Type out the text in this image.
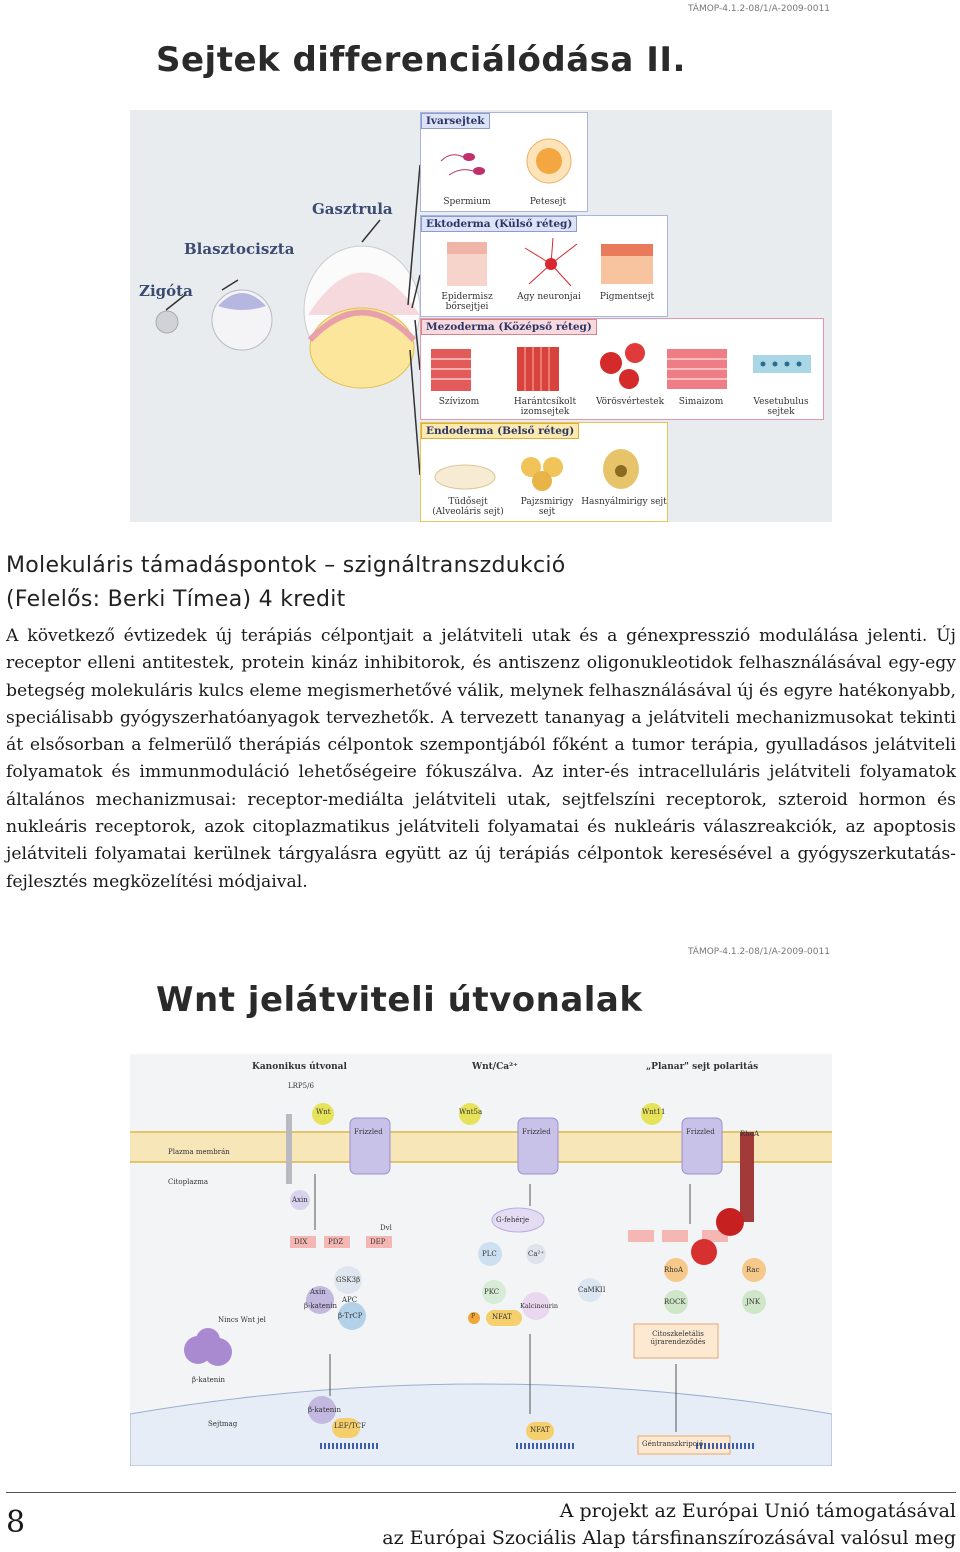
TÁMOP-4.1.2-08/1/A-2009-0011
Sejtek differenciálódása II.
Zigóta
Blasztociszta
Gasztrula
Ivarsejtek
Spermium	Petesejt
Ektoderma (Külső réteg)
Epidermisz bőrsejtjei
Agy neuronjai	Pigmentsejt
Mezoderma (Középső réteg)
Szívizom	Harántcsíkolt izomsejtek
Vörösvértestek	Simaizom	Vesetubulus sejtek
Endoderma (Belső réteg)
Tüdősejt (Alveoláris sejt)
Pajzsmirigy sejt
Hasnyálmirigy sejt
Molekuláris támadáspontok – szignáltranszdukció
(Felelős: Berki Tímea) 4 kredit
A következő évtizedek új terápiás célpontjait a jelátviteli utak és a génexpresszió modulálása jelenti. Új receptor elleni antitestek, protein kináz inhibitorok, és antiszenz oligonukleotidok felhasználásával egy-egy betegség molekuláris kulcs eleme megismerhetővé válik, melynek felhasználásával új és egyre hatékonyabb, speciálisabb gyógyszerhatóanyagok tervezhetők. A tervezett tananyag a jelátviteli mechanizmusokat tekinti át elsősorban a felmerülő therápiás célpontok szempontjából főként a tumor terápia, gyulladásos jelátviteli folyamatok és immunmoduláció lehetőségeire fókuszálva. Az inter-és intracelluláris jelátviteli folyamatok általános mechanizmusai: receptor-mediálta jelátviteli utak, sejtfelszíni receptorok, szteroid hormon és nukleáris receptorok, azok citoplazmatikus jelátviteli folyamatai és nukleáris válaszreakciók, az apoptosis jelátviteli folyamatai kerülnek tárgyalásra együtt az új terápiás célpontok keresésével a gyógyszerkutatás-fejlesztés megközelítési módjaival.
TÁMOP-4.1.2-08/1/A-2009-0011
Wnt jelátviteli útvonalak
Kanonikus útvonal	Wnt/Ca²⁺	„Planar" sejt polaritás
LRP5/6
Plazma membrán
Citoplazma
Sejtmag
Wnt	Wnt5a	Wnt11
Frizzled	Frizzled	Frizzled	RhoA
Axin
Dvl
DIX	PDZ	DEP
GSK3β
APC
Axin
β-katenin
β-TrCP
Nincs Wnt jel
β-katenin
β-katenin
LEF/TCF
G-fehérje
PLC	Ca²⁺
PKC
Kalcineurin
CaMKII
P NFAT
NFAT
RhoA	Rac
ROCK	JNK
Citoszkeletális újrarendeződés
Géntranszkripció
8	A projekt az Európai Unió támogatásával
az Európai Szociális Alap társfinanszírozásával valósul meg
